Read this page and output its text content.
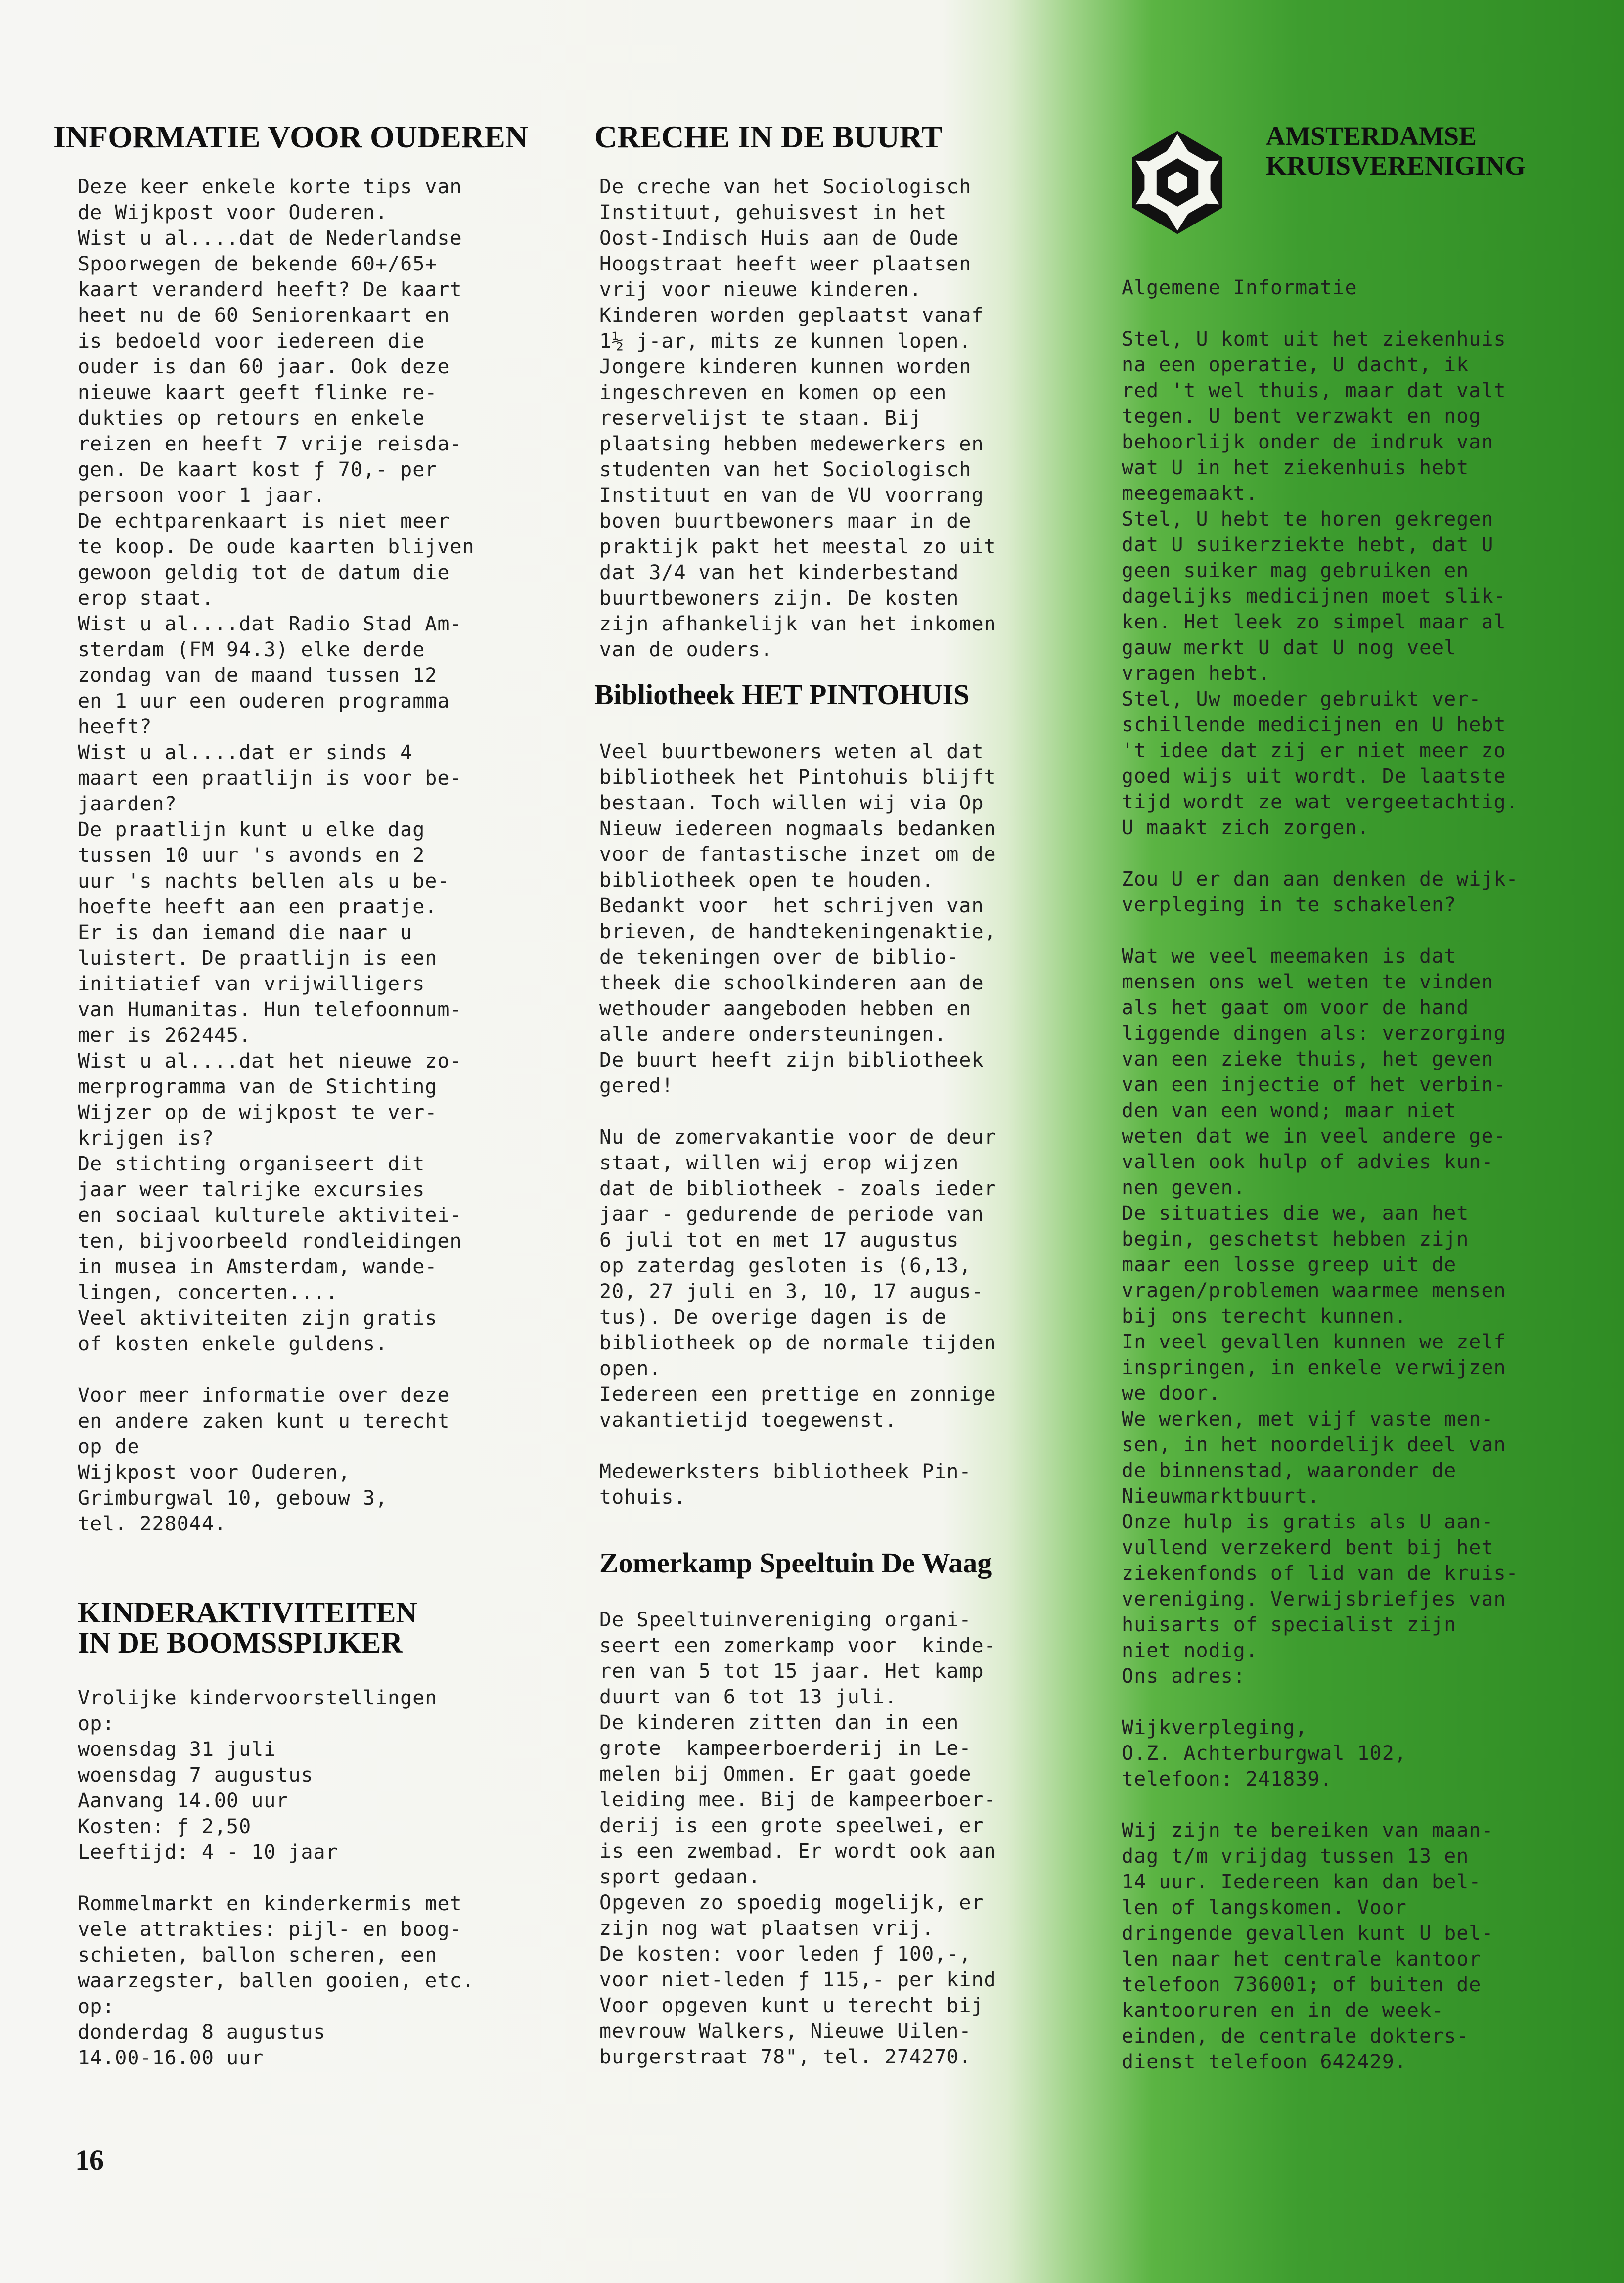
INFORMATIE VOOR OUDEREN

Deze keer enkele korte tips van
de Wijkpost voor Ouderen.
Wist u al....dat de Nederlandse
Spoorwegen de bekende 60+/65+
kaart veranderd heeft? De kaart
heet nu de 60 Seniorenkaart en
is bedoeld voor iedereen die
ouder is dan 60 jaar. Ook deze
nieuwe kaart geeft flinke re-
dukties op retours en enkele
reizen en heeft 7 vrije reisda-
gen. De kaart kost ƒ 70,- per
persoon voor 1 jaar.
De echtparenkaart is niet meer
te koop. De oude kaarten blijven
gewoon geldig tot de datum die
erop staat.
Wist u al....dat Radio Stad Am-
sterdam (FM 94.3) elke derde
zondag van de maand tussen 12
en 1 uur een ouderen programma
heeft?
Wist u al....dat er sinds 4
maart een praatlijn is voor be-
jaarden?
De praatlijn kunt u elke dag
tussen 10 uur 's avonds en 2
uur 's nachts bellen als u be-
hoefte heeft aan een praatje.
Er is dan iemand die naar u
luistert. De praatlijn is een
initiatief van vrijwilligers
van Humanitas. Hun telefoonnum-
mer is 262445.
Wist u al....dat het nieuwe zo-
merprogramma van de Stichting
Wijzer op de wijkpost te ver-
krijgen is?
De stichting organiseert dit
jaar weer talrijke excursies
en sociaal kulturele aktivitei-
ten, bijvoorbeeld rondleidingen
in musea in Amsterdam, wande-
lingen, concerten....
Veel aktiviteiten zijn gratis
of kosten enkele guldens.

Voor meer informatie over deze
en andere zaken kunt u terecht
op de
Wijkpost voor Ouderen,
Grimburgwal 10, gebouw 3,
tel. 228044.

KINDERAKTIVITEITEN
IN DE BOOMSSPIJKER

Vrolijke kindervoorstellingen
op:
woensdag 31 juli
woensdag 7 augustus
Aanvang 14.00 uur
Kosten: ƒ 2,50
Leeftijd: 4 - 10 jaar

Rommelmarkt en kinderkermis met
vele attrakties: pijl- en boog-
schieten, ballon scheren, een
waarzegster, ballen gooien, etc.
op:
donderdag 8 augustus
14.00-16.00 uur

CRECHE IN DE BUURT

De creche van het Sociologisch
Instituut, gehuisvest in het
Oost-Indisch Huis aan de Oude
Hoogstraat heeft weer plaatsen
vrij voor nieuwe kinderen.
Kinderen worden geplaatst vanaf
1½ j-ar, mits ze kunnen lopen.
Jongere kinderen kunnen worden
ingeschreven en komen op een
reservelijst te staan. Bij
plaatsing hebben medewerkers en
studenten van het Sociologisch
Instituut en van de VU voorrang
boven buurtbewoners maar in de
praktijk pakt het meestal zo uit
dat 3/4 van het kinderbestand
buurtbewoners zijn. De kosten
zijn afhankelijk van het inkomen
van de ouders.

Bibliotheek HET PINTOHUIS

Veel buurtbewoners weten al dat
bibliotheek het Pintohuis blijft
bestaan. Toch willen wij via Op
Nieuw iedereen nogmaals bedanken
voor de fantastische inzet om de
bibliotheek open te houden.
Bedankt voor  het schrijven van
brieven, de handtekeningenaktie,
de tekeningen over de biblio-
theek die schoolkinderen aan de
wethouder aangeboden hebben en
alle andere ondersteuningen.
De buurt heeft zijn bibliotheek
gered!

Nu de zomervakantie voor de deur
staat, willen wij erop wijzen
dat de bibliotheek - zoals ieder
jaar - gedurende de periode van
6 juli tot en met 17 augustus
op zaterdag gesloten is (6,13,
20, 27 juli en 3, 10, 17 augus-
tus). De overige dagen is de
bibliotheek op de normale tijden
open.
Iedereen een prettige en zonnige
vakantietijd toegewenst.

Medewerksters bibliotheek Pin-
tohuis.

Zomerkamp Speeltuin De Waag

De Speeltuinvereniging organi-
seert een zomerkamp voor  kinde-
ren van 5 tot 15 jaar. Het kamp
duurt van 6 tot 13 juli.
De kinderen zitten dan in een
grote  kampeerboerderij in Le-
melen bij Ommen. Er gaat goede
leiding mee. Bij de kampeerboer-
derij is een grote speelwei, er
is een zwembad. Er wordt ook aan
sport gedaan.
Opgeven zo spoedig mogelijk, er
zijn nog wat plaatsen vrij.
De kosten: voor leden ƒ 100,-,
voor niet-leden ƒ 115,- per kind
Voor opgeven kunt u terecht bij
mevrouw Walkers, Nieuwe Uilen-
burgerstraat 78", tel. 274270.

AMSTERDAMSE
KRUISVERENIGING

Algemene Informatie

Stel, U komt uit het ziekenhuis
na een operatie, U dacht, ik
red 't wel thuis, maar dat valt
tegen. U bent verzwakt en nog
behoorlijk onder de indruk van
wat U in het ziekenhuis hebt
meegemaakt.
Stel, U hebt te horen gekregen
dat U suikerziekte hebt, dat U
geen suiker mag gebruiken en
dagelijks medicijnen moet slik-
ken. Het leek zo simpel maar al
gauw merkt U dat U nog veel
vragen hebt.
Stel, Uw moeder gebruikt ver-
schillende medicijnen en U hebt
't idee dat zij er niet meer zo
goed wijs uit wordt. De laatste
tijd wordt ze wat vergeetachtig.
U maakt zich zorgen.

Zou U er dan aan denken de wijk-
verpleging in te schakelen?

Wat we veel meemaken is dat
mensen ons wel weten te vinden
als het gaat om voor de hand
liggende dingen als: verzorging
van een zieke thuis, het geven
van een injectie of het verbin-
den van een wond; maar niet
weten dat we in veel andere ge-
vallen ook hulp of advies kun-
nen geven.
De situaties die we, aan het
begin, geschetst hebben zijn
maar een losse greep uit de
vragen/problemen waarmee mensen
bij ons terecht kunnen.
In veel gevallen kunnen we zelf
inspringen, in enkele verwijzen
we door.
We werken, met vijf vaste men-
sen, in het noordelijk deel van
de binnenstad, waaronder de
Nieuwmarktbuurt.
Onze hulp is gratis als U aan-
vullend verzekerd bent bij het
ziekenfonds of lid van de kruis-
vereniging. Verwijsbriefjes van
huisarts of specialist zijn
niet nodig.
Ons adres:

Wijkverpleging,
O.Z. Achterburgwal 102,
telefoon: 241839.

Wij zijn te bereiken van maan-
dag t/m vrijdag tussen 13 en
14 uur. Iedereen kan dan bel-
len of langskomen. Voor
dringende gevallen kunt U bel-
len naar het centrale kantoor
telefoon 736001; of buiten de
kantooruren en in de week-
einden, de centrale dokters-
dienst telefoon 642429.

16
